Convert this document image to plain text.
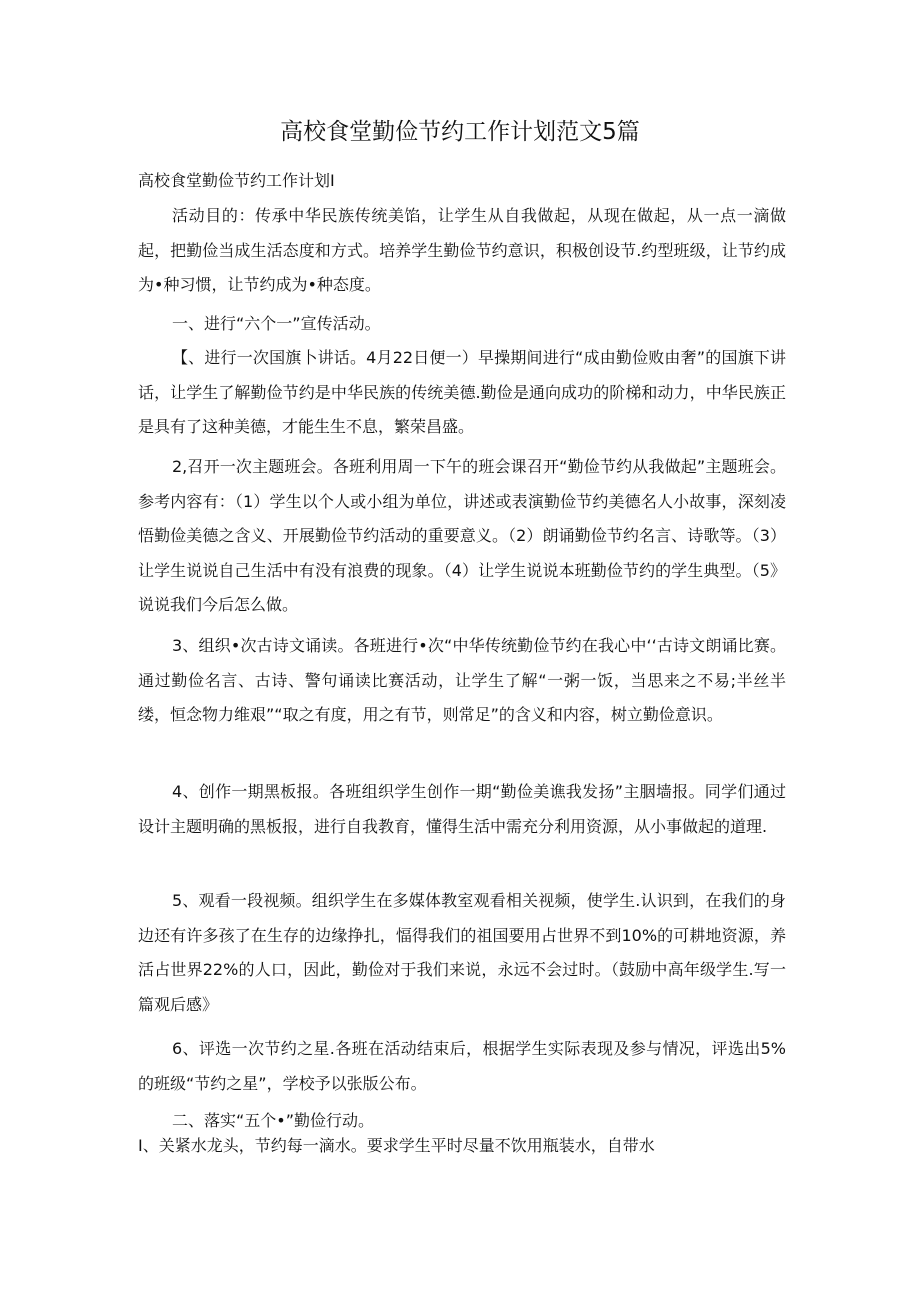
高校食堂勤俭节约工作计划范文5篇
高校食堂勤俭节约工作计划I

活动目的：传承中华民族传统美馅，让学生从自我做起，从现在做起，从一点一滴做起，把勤俭当成生活态度和方式。培养学生勤俭节约意识，积极创设节.约型班级，让节约成为•种习惯，让节约成为•种态度。

一、进行“六个一”宣传活动。

【、进行一次国旗卜讲话。4月22日便一）早操期间进行“成由勤俭败由奢”的国旗下讲话，让学生了解勤俭节约是中华民族的传统美德.勤俭是通向成功的阶梯和动力，中华民族正是具有了这种美德，才能生生不息，繁荣昌盛。

2,召开一次主题班会。各班利用周一下午的班会课召开“勤俭节约从我做起”主题班会。参考内容有：（1）学生以个人或小组为单位，讲述或表演勤俭节约美德名人小故事，深刻凌悟勤俭美德之含义、开展勤俭节约活动的重要意义。（2）朗诵勤俭节约名言、诗歌等。（3）让学生说说自己生活中有没有浪费的现象。（4）让学生说说本班勤俭节约的学生典型。（5》说说我们今后怎么做。

3、组织•次古诗文诵读。各班进行•次“中华传统勤俭节约在我心中‘‘古诗文朗诵比赛。通过勤俭名言、古诗、警句诵读比赛活动，让学生了解“一粥一饭，当思来之不易;半丝半缕，恒念物力维艰”“取之有度，用之有节，则常足”的含义和内容，树立勤俭意识。

4、创作一期黑板报。各班组织学生创作一期“勤俭美谯我发扬”主胭墙报。同学们通过设计主题明确的黑板报，进行自我教育，懂得生活中需充分利用资源，从小事做起的道理.

5、观看一段视频。组织学生在多媒体教室观看相关视频，使学生.认识到，在我们的身边还有许多孩了在生存的边缘挣扎，愊得我们的祖国要用占世界不到10%的可耕地资源，养活占世界22%的人口，因此，勤俭对于我们来说，永远不会过时。（鼓励中高年级学生.写一篇观后感》

6、评选一次节约之星.各班在活动结束后，根据学生实际表现及参与情况，评选出5%的班级“节约之星”，学校予以张版公布。

二、落实“五个•”勤俭行动。

I、关紧水龙头，节约每一滴水。要求学生平时尽量不饮用瓶装水，自带水
